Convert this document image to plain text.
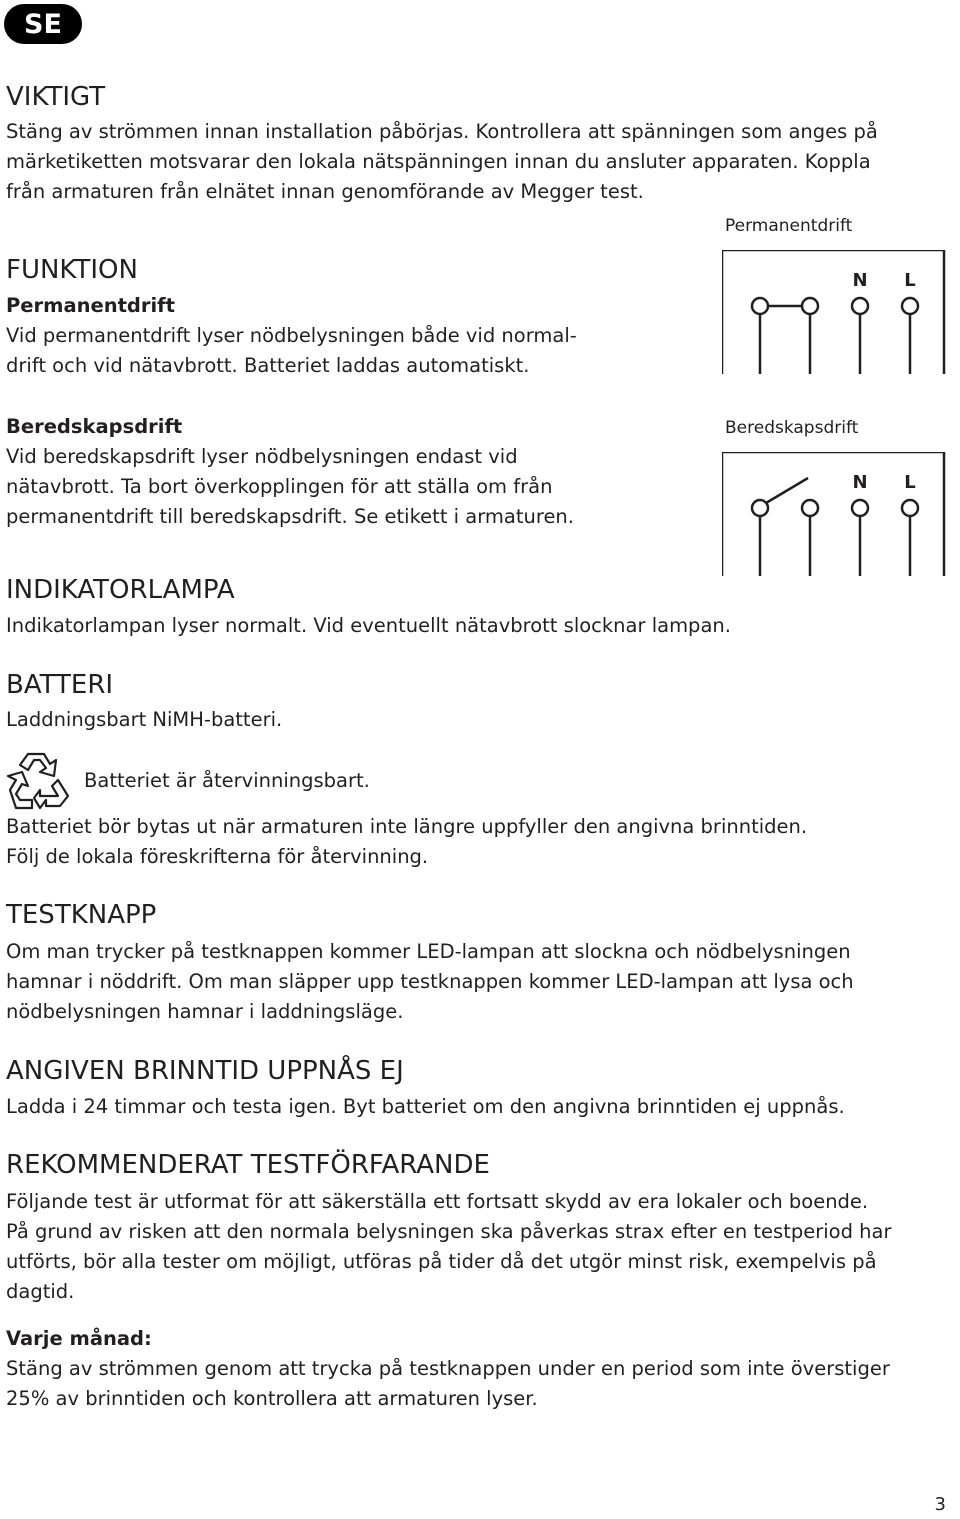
SE
VIKTIGT
Stäng av strömmen innan installation påbörjas. Kontrollera att spänningen som anges på
märketiketten motsvarar den lokala nätspänningen innan du ansluter apparaten. Koppla
från armaturen från elnätet innan genomförande av Megger test.
FUNKTION
Permanentdrift
Vid permanentdrift lyser nödbelysningen både vid normal-
drift och vid nätavbrott. Batteriet laddas automatiskt.
Beredskapsdrift
Vid beredskapsdrift lyser nödbelysningen endast vid
nätavbrott. Ta bort överkopplingen för att ställa om från
permanentdrift till beredskapsdrift. Se etikett i armaturen.
Permanentdrift
N L
Beredskapsdrift
N L
INDIKATORLAMPA
Indikatorlampan lyser normalt. Vid eventuellt nätavbrott slocknar lampan.
BATTERI
Laddningsbart NiMH-batteri.
Batteriet är återvinningsbart.
Batteriet bör bytas ut när armaturen inte längre uppfyller den angivna brinntiden.
Följ de lokala föreskrifterna för återvinning.
TESTKNAPP
Om man trycker på testknappen kommer LED-lampan att slockna och nödbelysningen
hamnar i nöddrift. Om man släpper upp testknappen kommer LED-lampan att lysa och
nödbelysningen hamnar i laddningsläge.
ANGIVEN BRINNTID UPPNÅS EJ
Ladda i 24 timmar och testa igen. Byt batteriet om den angivna brinntiden ej uppnås.
REKOMMENDERAT TESTFÖRFARANDE
Följande test är utformat för att säkerställa ett fortsatt skydd av era lokaler och boende.
På grund av risken att den normala belysningen ska påverkas strax efter en testperiod har
utförts, bör alla tester om möjligt, utföras på tider då det utgör minst risk, exempelvis på
dagtid.
Varje månad:
Stäng av strömmen genom att trycka på testknappen under en period som inte överstiger
25% av brinntiden och kontrollera att armaturen lyser.
3
